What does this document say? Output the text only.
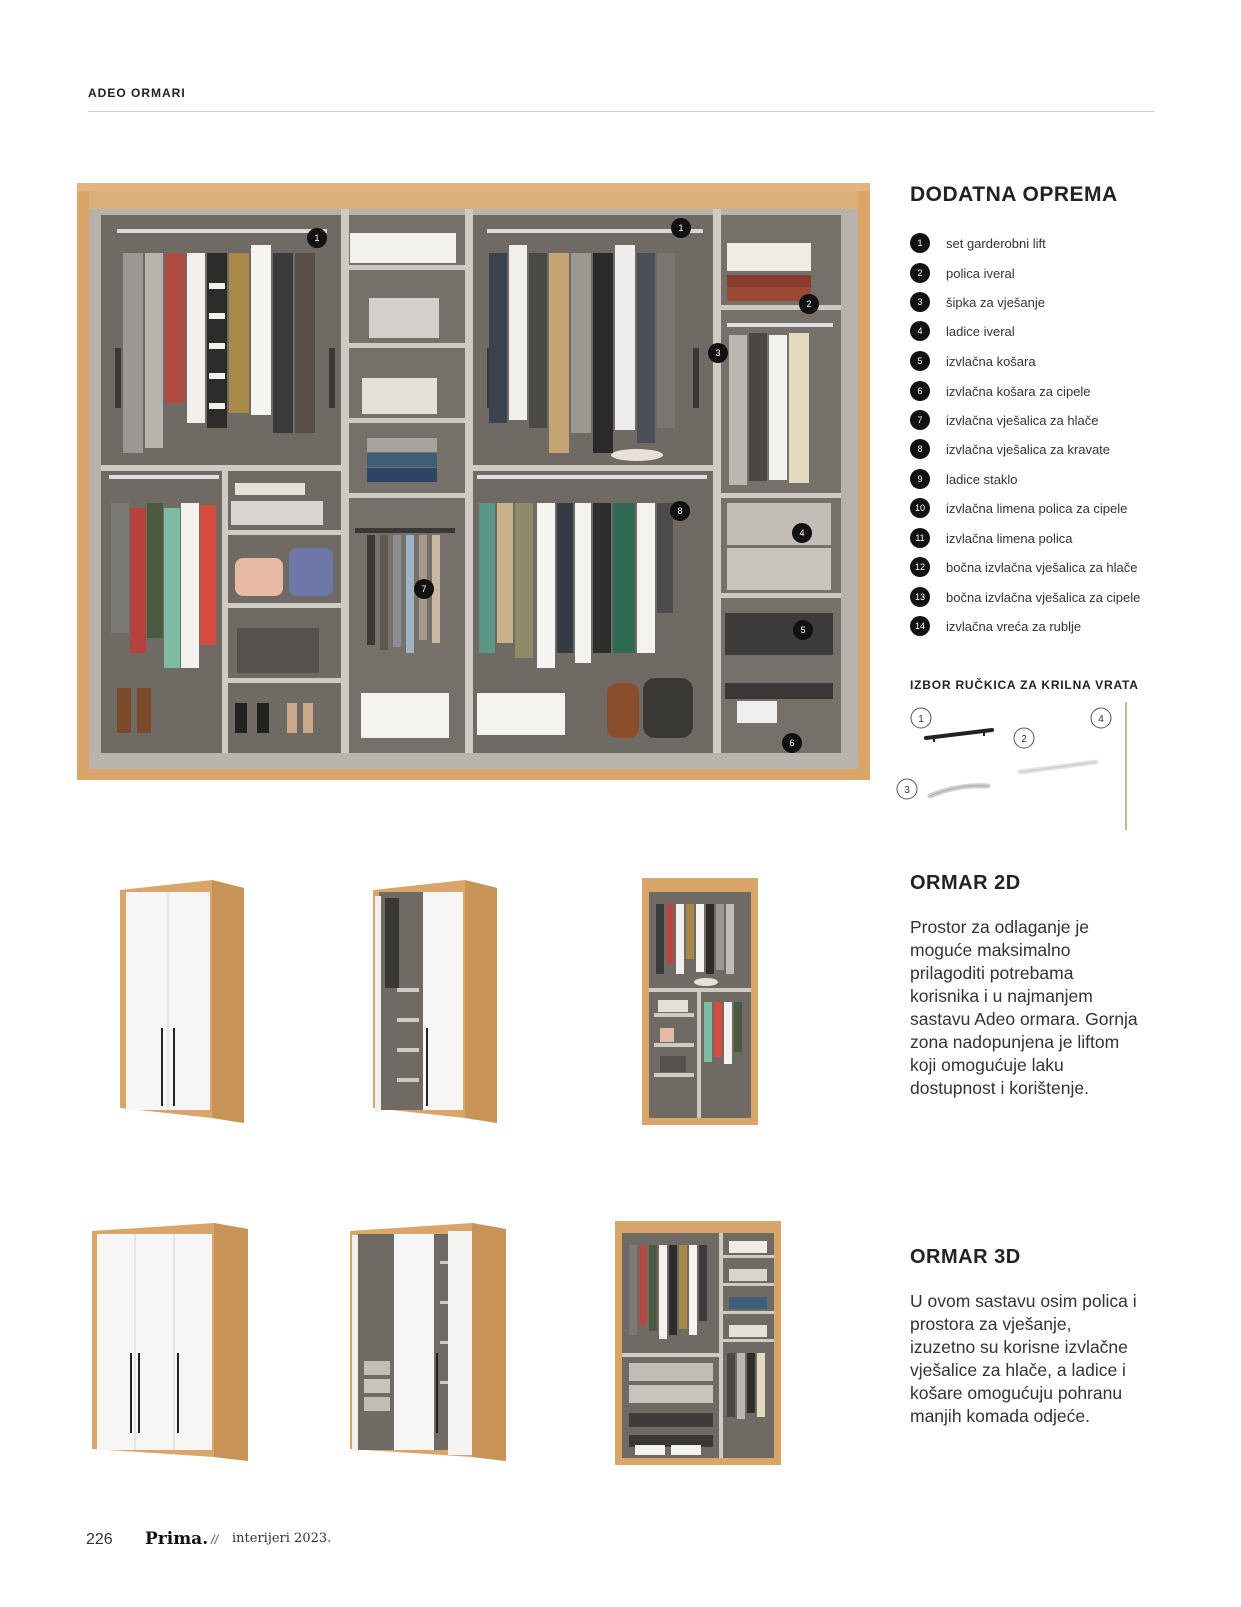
ADEO ORMARI
1
1
2
3
4
5
6
7
8
DODATNA OPREMA
1	set garderobni lift
2	polica iveral
3	šipka za vješanje
4	ladice iveral
5	izvlačna košara
6	izvlačna košara za cipele
7	izvlačna vješalica za hlače
8	izvlačna vješalica za kravate
9	ladice staklo
10	izvlačna limena polica za cipele
11	izvlačna limena polica
12	bočna izvlačna vješalica za hlače
13	bočna izvlačna vješalica za cipele
14	izvlačna vreća za rublje
IZBOR RUČKICA ZA KRILNA VRATA
1
2
3
4
ORMAR 2D
Prostor za odlaganje je moguće maksimalno prilagoditi potrebama korisnika i u najmanjem sastavu Adeo ormara. Gornja zona nadopunjena je liftom koji omogućuje laku dostupnost i korištenje.
ORMAR 3D
U ovom sastavu osim polica i prostora za vješanje, izuzetno su korisne izvlačne vješalice za hlače, a ladice i košare omogućuju pohranu manjih komada odjeće.
226 Prima. // interijeri 2023.
